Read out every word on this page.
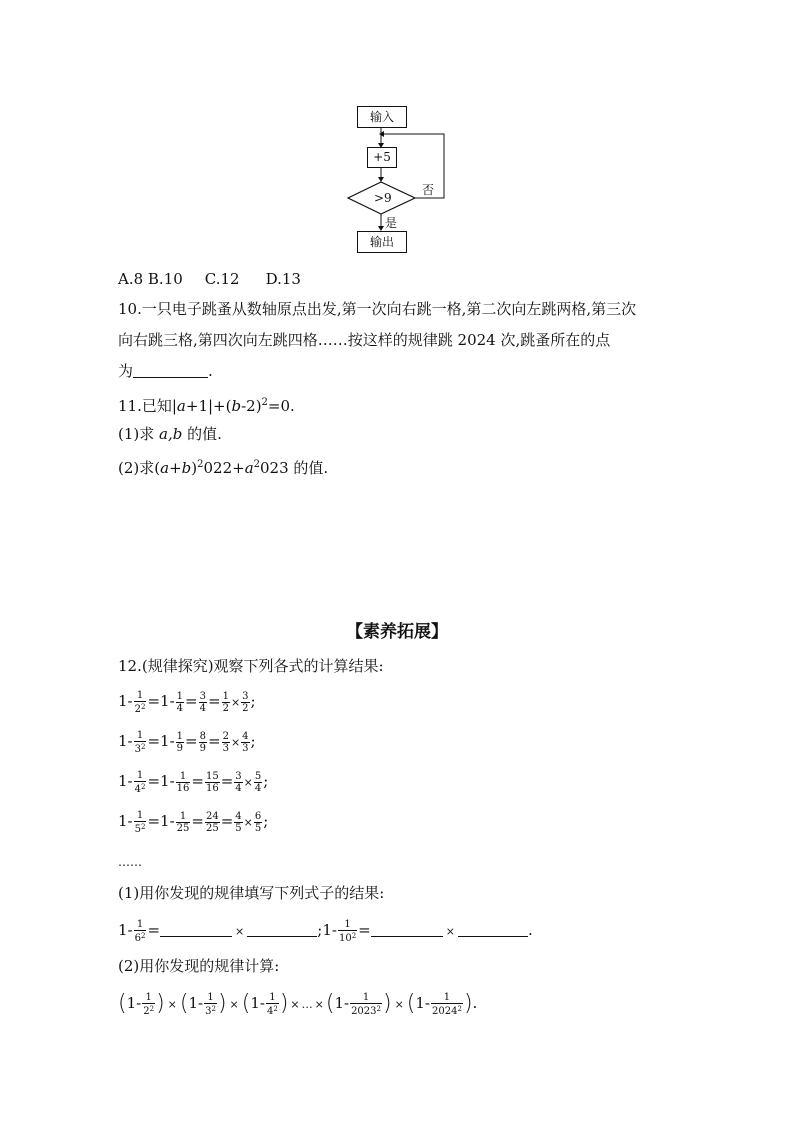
输入
+5
>9
否
是
输出
A.8 B.10 C.12 D.13
10.一只电子跳蚤从数轴原点出发,第一次向右跳一格,第二次向左跳两格,第三次
向右跳三格,第四次向左跳四格……按这样的规律跳 2024 次,跳蚤所在的点
为	.
11.已知$|a+1|+(b-2)^2=0$.
(1)求 a,b 的值.
(2)求$(a+b)^2022+a^2023$ 的值.
【素养拓展】
12.(规律探究)观察下列各式的计算结果:
$1- \frac{1}{2^2} =1- \frac{1}{4} = \frac{3}{4} = \frac{1}{2} \times \frac{3}{2}$ ;
$1- \frac{1}{3^2} =1- \frac{1}{9} = \frac{8}{9} = \frac{2}{3} \times \frac{4}{3}$ ;
$1- \frac{1}{4^2} =1- \frac{1}{16} = \frac{15}{16} = \frac{3}{4} \times \frac{5}{4}$ ;
$1- \frac{1}{5^2} =1- \frac{1}{25} = \frac{24}{25} = \frac{4}{5} \times \frac{6}{5}$ ;
……
(1)用你发现的规律填写下列式子的结果:
$1- \frac{1}{6^2}$ =	×	;1- $\frac{1}{10^2}$ =	×	.
(2)用你发现的规律计算:
($1- \frac{1}{2^2}$ ) × ($1- \frac{1}{3^2}$ ) × ($1- \frac{1}{4^2}$ ) × … $\times(1- \frac{1}{2023^2}$ ) × ($1- \frac{1}{2024^2}$ ).
